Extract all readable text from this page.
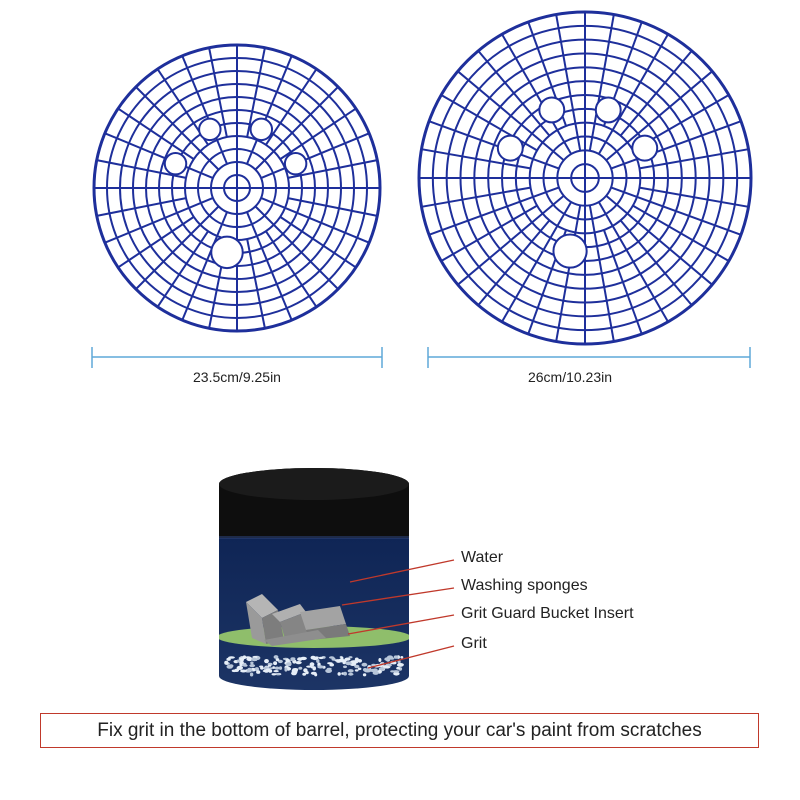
23.5cm/9.25in	26cm/10.23in
Water
Washing sponges
Grit Guard Bucket Insert
Grit
Fix grit in the bottom of barrel, protecting your car's paint from scratches
